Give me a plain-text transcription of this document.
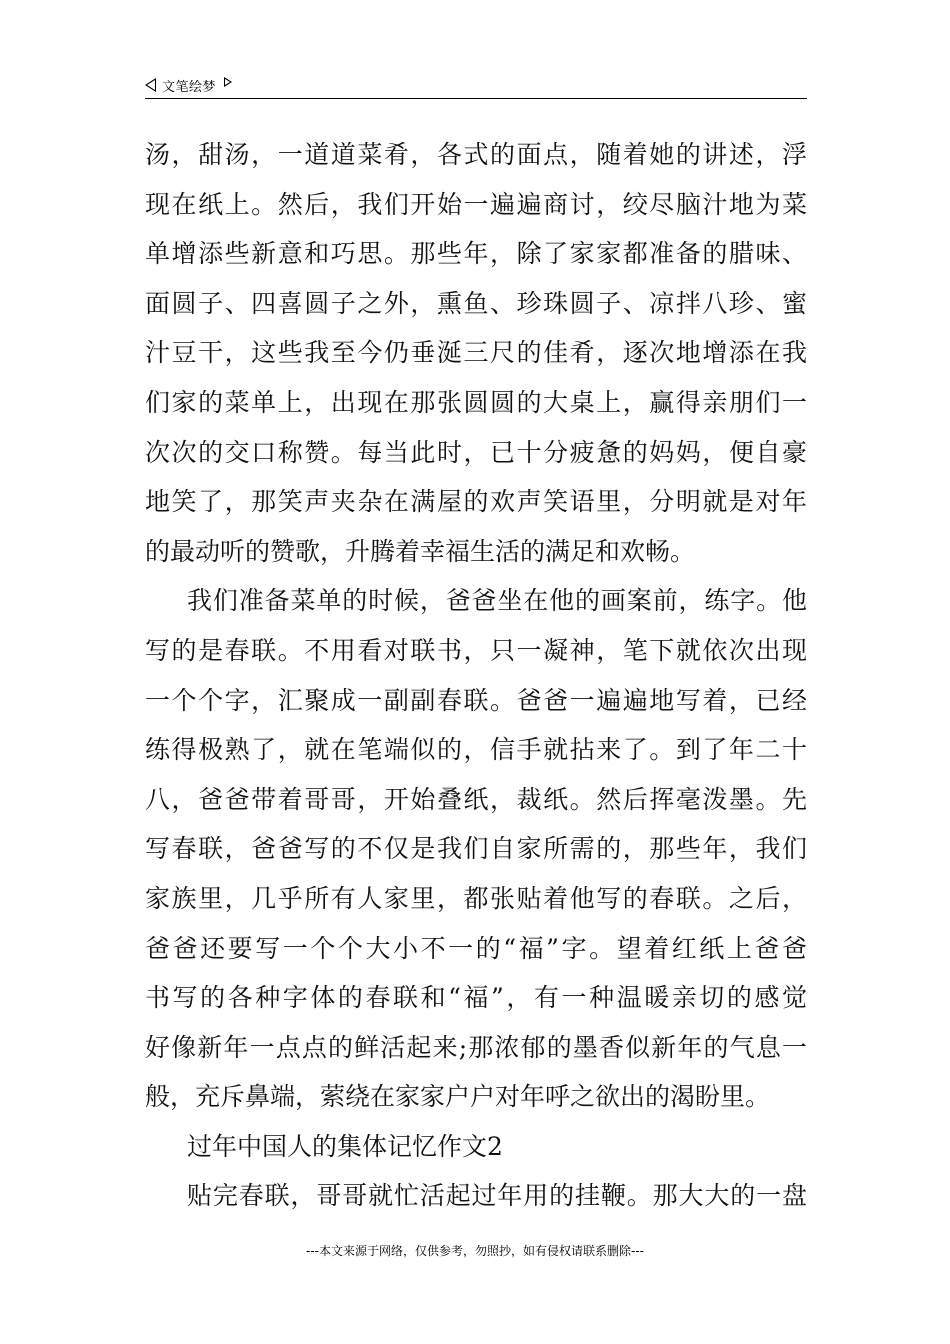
文笔绘梦
汤，甜汤，一道道菜肴，各式的面点，随着她的讲述，浮
现在纸上。然后，我们开始一遍遍商讨，绞尽脑汁地为菜
单增添些新意和巧思。那些年，除了家家都准备的腊味、
面圆子、四喜圆子之外，熏鱼、珍珠圆子、凉拌八珍、蜜
汁豆干，这些我至今仍垂涎三尺的佳肴，逐次地增添在我
们家的菜单上，出现在那张圆圆的大桌上，赢得亲朋们一
次次的交口称赞。每当此时，已十分疲惫的妈妈，便自豪
地笑了，那笑声夹杂在满屋的欢声笑语里，分明就是对年
的最动听的赞歌，升腾着幸福生活的满足和欢畅。
我们准备菜单的时候，爸爸坐在他的画案前，练字。他
写的是春联。不用看对联书，只一凝神，笔下就依次出现
一个个字，汇聚成一副副春联。爸爸一遍遍地写着，已经
练得极熟了，就在笔端似的，信手就拈来了。到了年二十
八，爸爸带着哥哥，开始叠纸，裁纸。然后挥毫泼墨。先
写春联，爸爸写的不仅是我们自家所需的，那些年，我们
家族里，几乎所有人家里，都张贴着他写的春联。之后，
爸爸还要写一个个大小不一的“福”字。望着红纸上爸爸
书写的各种字体的春联和“福”，有一种温暖亲切的感觉
好像新年一点点的鲜活起来;那浓郁的墨香似新年的气息一
般，充斥鼻端，萦绕在家家户户对年呼之欲出的渴盼里。
过年中国人的集体记忆作文2
贴完春联，哥哥就忙活起过年用的挂鞭。那大大的一盘
---本文来源于网络，仅供参考，勿照抄，如有侵权请联系删除---
